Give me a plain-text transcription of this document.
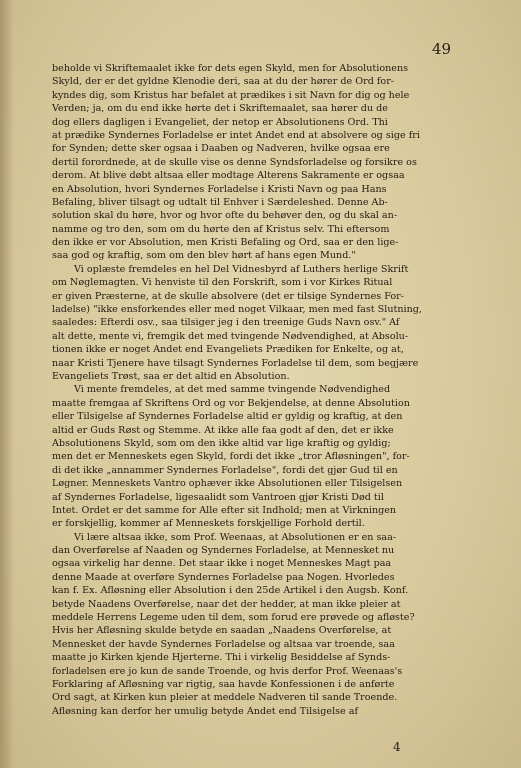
49
beholde vi Skriftemaalet ikke for dets egen Skyld, men for Absolutionens
Skyld, der er det gyldne Klenodie deri, saa at du der hører de Ord for-
kyndes dig, som Kristus har befalet at prædikes i sit Navn for dig og hele
Verden; ja, om du end ikke hørte det i Skriftemaalet, saa hører du de
dog ellers dagligen i Evangeliet, der netop er Absolutionens Ord. Thi
at prædike Syndernes Forladelse er intet Andet end at absolvere og sige fri
for Synden; dette sker ogsaa i Daaben og Nadveren, hvilke ogsaa ere
dertil forordnede, at de skulle vise os denne Syndsforladelse og forsikre os
derom. At blive døbt altsaa eller modtage Alterens Sakramente er ogsaa
en Absolution, hvori Syndernes Forladelse i Kristi Navn og paa Hans
Befaling, bliver tilsagt og udtalt til Enhver i Særdeleshed. Denne Ab-
solution skal du høre, hvor og hvor ofte du behøver den, og du skal an-
namme og tro den, som om du hørte den af Kristus selv. Thi eftersom
den ikke er vor Absolution, men Kristi Befaling og Ord, saa er den lige-
saa god og kraftig, som om den blev hørt af hans egen Mund."
Vi oplæste fremdeles en hel Del Vidnesbyrd af Luthers herlige Skrift
om Nøglemagten. Vi henviste til den Forskrift, som i vor Kirkes Ritual
er given Præsterne, at de skulle absolvere (det er tilsige Syndernes For-
ladelse) "ikke ensforkendes eller med noget Vilkaar, men med fast Slutning,
saaledes: Efterdi osv., saa tilsiger jeg i den treenige Guds Navn osv." Af
alt dette, mente vi, fremgik det med tvingende Nødvendighed, at Absolu-
tionen ikke er noget Andet end Evangeliets Prædiken for Enkelte, og at,
naar Kristi Tjenere have tilsagt Syndernes Forladelse til dem, som begjære
Evangeliets Trøst, saa er det altid en Absolution.
Vi mente fremdeles, at det med samme tvingende Nødvendighed
maatte fremgaa af Skriftens Ord og vor Bekjendelse, at denne Absolution
eller Tilsigelse af Syndernes Forladelse altid er gyldig og kraftig, at den
altid er Guds Røst og Stemme. At ikke alle faa godt af den, det er ikke
Absolutionens Skyld, som om den ikke altid var lige kraftig og gyldig;
men det er Menneskets egen Skyld, fordi det ikke „tror Afløsningen", for-
di det ikke „annammer Syndernes Forladelse", fordi det gjør Gud til en
Løgner. Menneskets Vantro ophæver ikke Absolutionen eller Tilsigelsen
af Syndernes Forladelse, ligesaalidt som Vantroen gjør Kristi Død til
Intet. Ordet er det samme for Alle efter sit Indhold; men at Virkningen
er forskjellig, kommer af Menneskets forskjellige Forhold dertil.
Vi lære altsaa ikke, som Prof. Weenaas, at Absolutionen er en saa-
dan Overførelse af Naaden og Syndernes Forladelse, at Mennesket nu
ogsaa virkelig har denne. Det staar ikke i noget Menneskes Magt paa
denne Maade at overføre Syndernes Forladelse paa Nogen. Hvorledes
kan f. Ex. Afløsning eller Absolution i den 25de Artikel i den Augsb. Konf.
betyde Naadens Overførelse, naar det der hedder, at man ikke pleier at
meddele Herrens Legeme uden til dem, som forud ere prøvede og afløste?
Hvis her Afløsning skulde betyde en saadan „Naadens Overførelse, at
Mennesket der havde Syndernes Forladelse og altsaa var troende, saa
maatte jo Kirken kjende Hjerterne. Thi i virkelig Besiddelse af Synds-
forladelsen ere jo kun de sande Troende, og hvis derfor Prof. Weenaas's
Forklaring af Afløsning var rigtig, saa havde Konfessionen i de anførte
Ord sagt, at Kirken kun pleier at meddele Nadveren til sande Troende.
Afløsning kan derfor her umulig betyde Andet end Tilsigelse af
4
